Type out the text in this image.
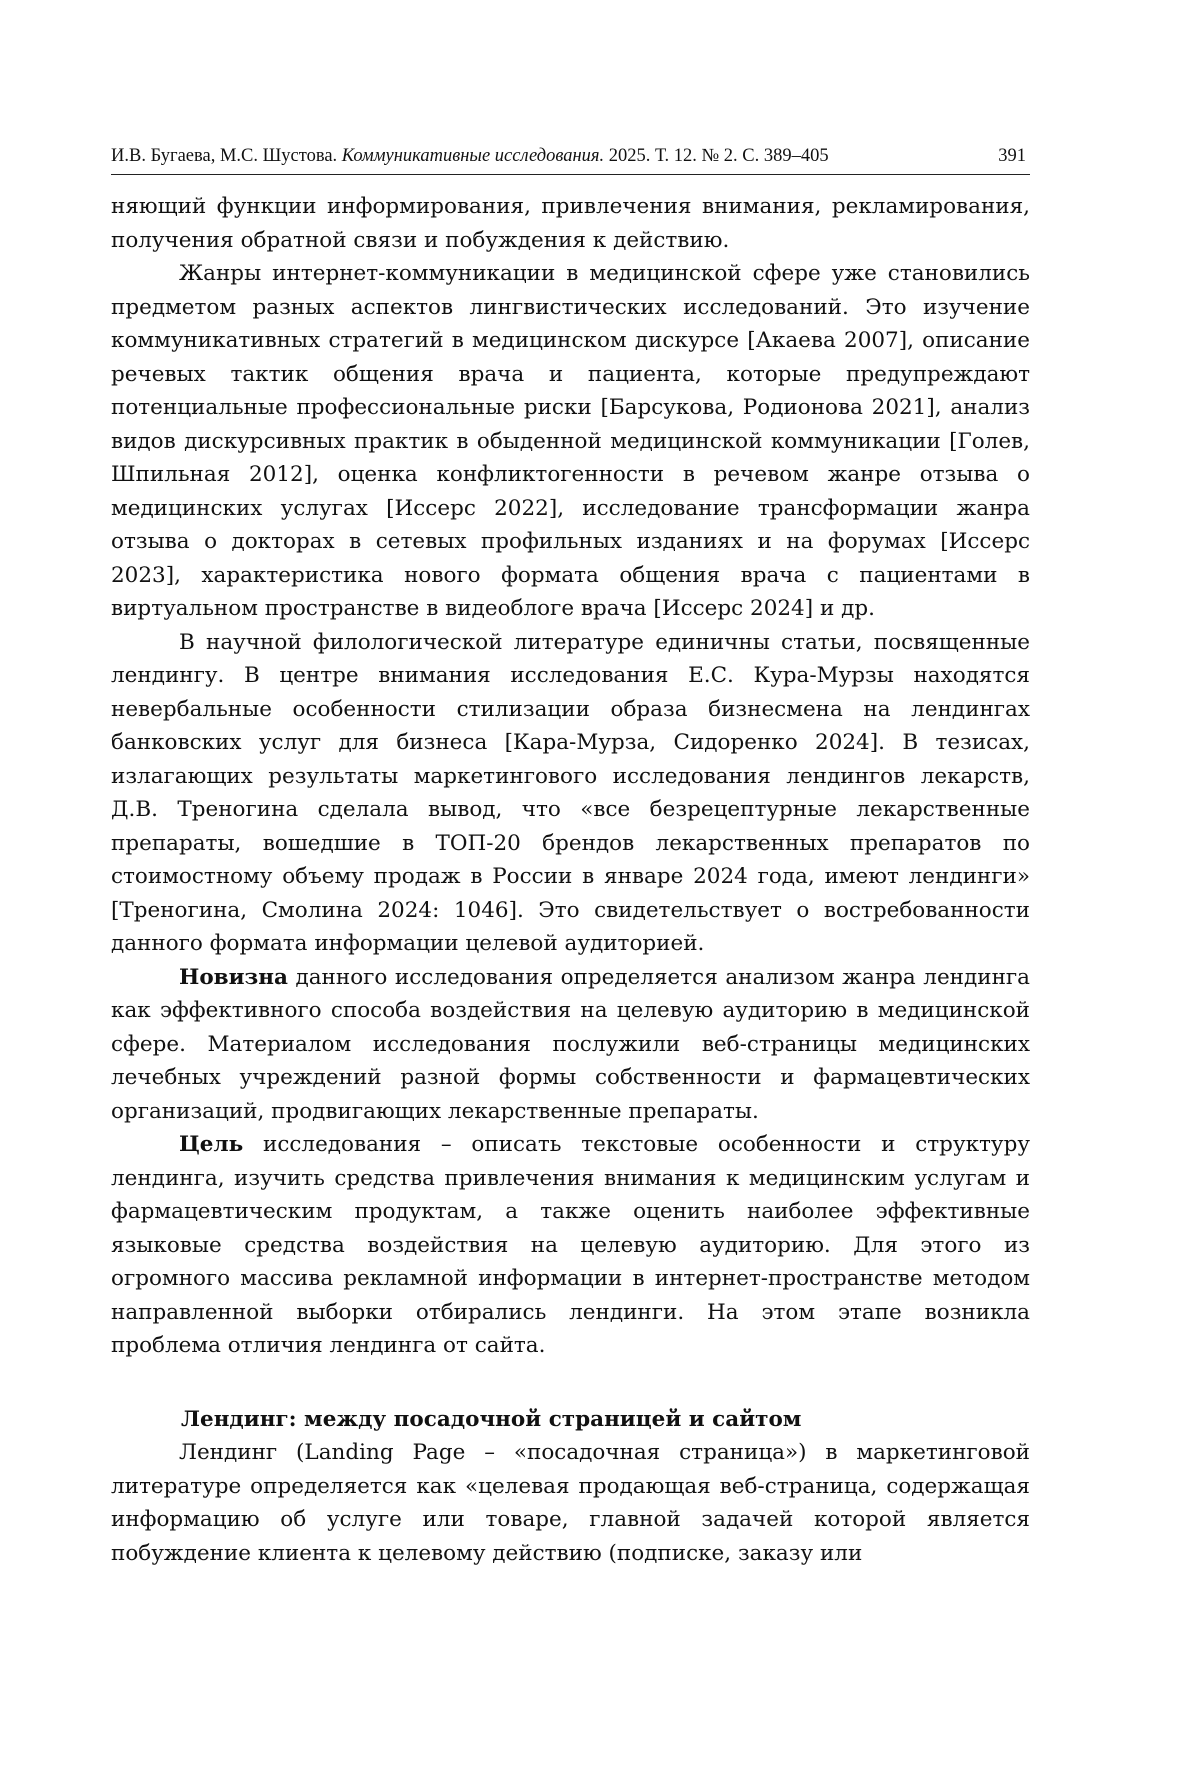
И.В. Бугаева, М.С. Шустова. Коммуникативные исследования. 2025. Т. 12. № 2. С. 389–405	391

няющий функции информирования, привлечения внимания, рекламирования, получения обратной связи и побуждения к действию.

Жанры интернет-коммуникации в медицинской сфере уже становились предметом разных аспектов лингвистических исследований. Это изучение коммуникативных стратегий в медицинском дискурсе [Акаева 2007], описание речевых тактик общения врача и пациента, которые предупреждают потенциальные профессиональные риски [Барсукова, Родионова 2021], анализ видов дискурсивных практик в обыденной медицинской коммуникации [Голев, Шпильная 2012], оценка конфликтогенности в речевом жанре отзыва о медицинских услугах [Иссерс 2022], исследование трансформации жанра отзыва о докторах в сетевых профильных изданиях и на форумах [Иссерс 2023], характеристика нового формата общения врача с пациентами в виртуальном пространстве в видеоблоге врача [Иссерс 2024] и др.

В научной филологической литературе единичны статьи, посвященные лендингу. В центре внимания исследования Е.С. Кура-Мурзы находятся невербальные особенности стилизации образа бизнесмена на лендингах банковских услуг для бизнеса [Кара-Мурза, Сидоренко 2024]. В тезисах, излагающих результаты маркетингового исследования лендингов лекарств, Д.В. Треногина сделала вывод, что «все безрецептурные лекарственные препараты, вошедшие в ТОП-20 брендов лекарственных препаратов по стоимостному объему продаж в России в январе 2024 года, имеют лендинги» [Треногина, Смолина 2024: 1046]. Это свидетельствует о востребованности данного формата информации целевой аудиторией.

Новизна данного исследования определяется анализом жанра лендинга как эффективного способа воздействия на целевую аудиторию в медицинской сфере. Материалом исследования послужили веб-страницы медицинских лечебных учреждений разной формы собственности и фармацевтических организаций, продвигающих лекарственные препараты.

Цель исследования – описать текстовые особенности и структуру лендинга, изучить средства привлечения внимания к медицинским услугам и фармацевтическим продуктам, а также оценить наиболее эффективные языковые средства воздействия на целевую аудиторию. Для этого из огромного массива рекламной информации в интернет-пространстве методом направленной выборки отбирались лендинги. На этом этапе возникла проблема отличия лендинга от сайта.

Лендинг: между посадочной страницей и сайтом

Лендинг (Landing Page – «посадочная страница») в маркетинговой литературе определяется как «целевая продающая веб-страница, содержащая информацию об услуге или товаре, главной задачей которой является побуждение клиента к целевому действию (подписке, заказу или
